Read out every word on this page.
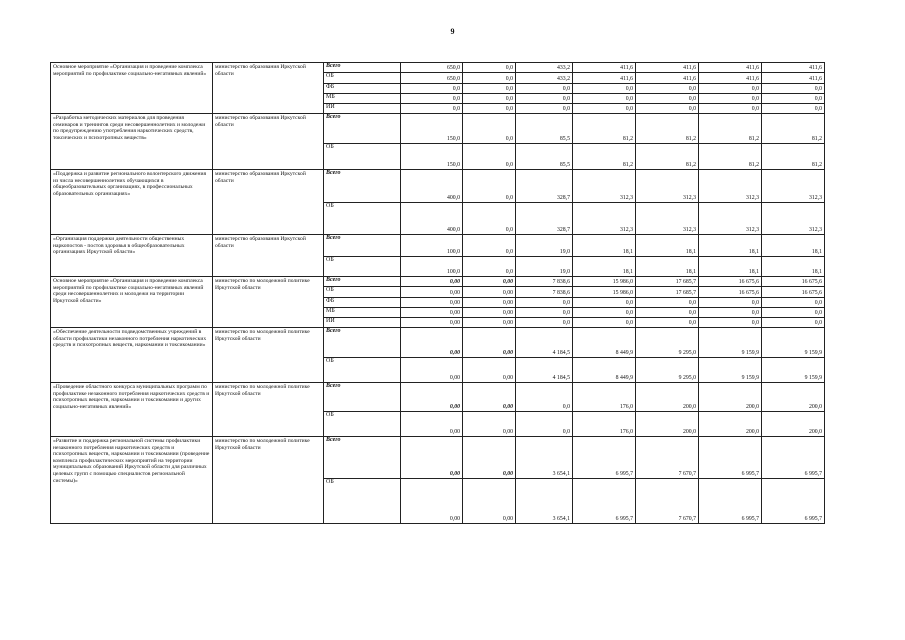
9
Основное мероприятие «Организация и проведение комплекса мероприятий по профилактике социально-негативных явлений»	министерство образования Иркутской области	Всего	650,0	0,0	433,2	411,6	411,6	411,6	411,6
		ОБ	650,0	0,0	433,2	411,6	411,6	411,6	411,6
		ФБ	0,0	0,0	0,0	0,0	0,0	0,0	0,0
		МБ	0,0	0,0	0,0	0,0	0,0	0,0	0,0
		ИИ	0,0	0,0	0,0	0,0	0,0	0,0	0,0
«Разработка методических материалов для проведения семинаров и тренингов среди несовершеннолетних и молодежи по предупреждению употребления наркотических средств, токсических и психотропных веществ»	министерство образования Иркутской области	Всего	150,0	0,0	85,5	81,2	81,2	81,2	81,2
		ОБ	150,0	0,0	85,5	81,2	81,2	81,2	81,2
«Поддержка и развитие регионального волонтерского движения из числа несовершеннолетних обучающихся в общеобразовательных организациях, в профессиональных образовательных организациях»	министерство образования Иркутской области	Всего	400,0	0,0	328,7	312,3	312,3	312,3	312,3
		ОБ	400,0	0,0	328,7	312,3	312,3	312,3	312,3
«Организация поддержки деятельности общественных наркопостов - постов здоровья в общеобразовательных организациях Иркутской области»	министерство образования Иркутской области	Всего	100,0	0,0	19,0	18,1	18,1	18,1	18,1
		ОБ	100,0	0,0	19,0	18,1	18,1	18,1	18,1
Основное мероприятие «Организация и проведение комплекса мероприятий по профилактике социально-негативных явлений среди несовершеннолетних и молодежи на территории Иркутской области»	министерство по молодежной политике Иркутской области	Всего	0,00	0,00	7 838,6	15 986,0	17 685,7	16 675,6	16 675,6
		ОБ	0,00	0,00	7 838,6	15 986,0	17 685,7	16 675,6	16 675,6
		ФБ	0,00	0,00	0,0	0,0	0,0	0,0	0,0
		МБ	0,00	0,00	0,0	0,0	0,0	0,0	0,0
		ИИ	0,00	0,00	0,0	0,0	0,0	0,0	0,0
«Обеспечение деятельности подведомственных учреждений в области профилактики незаконного потребления наркотических средств и психотропных веществ, наркомании и токсикомании»	министерство по молодежной политике Иркутской области	Всего	0,00	0,00	4 184,5	8 449,9	9 295,0	9 159,9	9 159,9
		ОБ	0,00	0,00	4 184,5	8 449,9	9 295,0	9 159,9	9 159,9
«Проведение областного конкурса муниципальных программ по профилактике незаконного потребления наркотических средств и психотропных веществ, наркомании и токсикомании и других социально-негативных явлений»	министерство по молодежной политике Иркутской области	Всего	0,00	0,00	0,0	176,0	200,0	200,0	200,0
		ОБ	0,00	0,00	0,0	176,0	200,0	200,0	200,0
«Развитие и поддержка региональной системы профилактики незаконного потребления наркотических средств и психотропных веществ, наркомании и токсикомании (проведение комплекса профилактических мероприятий на территории муниципальных образований Иркутской области для различных целевых групп с помощью специалистов региональной системы)»	министерство по молодежной политике Иркутской области	Всего	0,00	0,00	3 654,1	6 995,7	7 670,7	6 995,7	6 995,7
		ОБ	0,00	0,00	3 654,1	6 995,7	7 670,7	6 995,7	6 995,7
